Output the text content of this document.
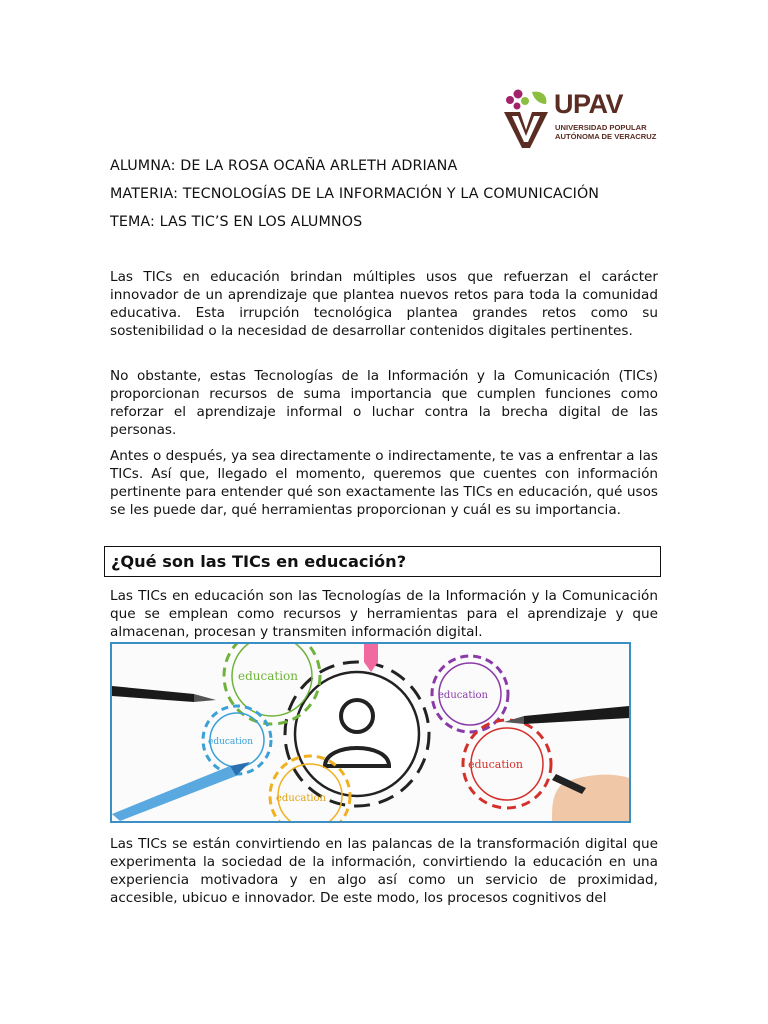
UPAV
UNIVERSIDAD POPULAR
AUTÓNOMA DE VERACRUZ
ALUMNA: DE LA ROSA OCAÑA ARLETH ADRIANA
MATERIA: TECNOLOGÍAS DE LA INFORMACIÓN Y LA COMUNICACIÓN
TEMA: LAS TIC’S EN LOS ALUMNOS
Las TICs en educación brindan múltiples usos que refuerzan el carácter innovador de un aprendizaje que plantea nuevos retos para toda la comunidad educativa. Esta irrupción tecnológica plantea grandes retos como su sostenibilidad o la necesidad de desarrollar contenidos digitales pertinentes.
No obstante, estas Tecnologías de la Información y la Comunicación (TICs) proporcionan recursos de suma importancia que cumplen funciones como reforzar el aprendizaje informal o luchar contra la brecha digital de las personas.
Antes o después, ya sea directamente o indirectamente, te vas a enfrentar a las TICs. Así que, llegado el momento, queremos que cuentes con información pertinente para entender qué son exactamente las TICs en educación, qué usos se les puede dar, qué herramientas proporcionan y cuál es su importancia.
¿Qué son las TICs en educación?
Las TICs en educación son las Tecnologías de la Información y la Comunicación que se emplean como recursos y herramientas para el aprendizaje y que almacenan, procesan y transmiten información digital.
education
education
education
education
education
Las TICs se están convirtiendo en las palancas de la transformación digital que experimenta la sociedad de la información, convirtiendo la educación en una experiencia motivadora y en algo así como un servicio de proximidad, accesible, ubicuo e innovador. De este modo, los procesos cognitivos del
